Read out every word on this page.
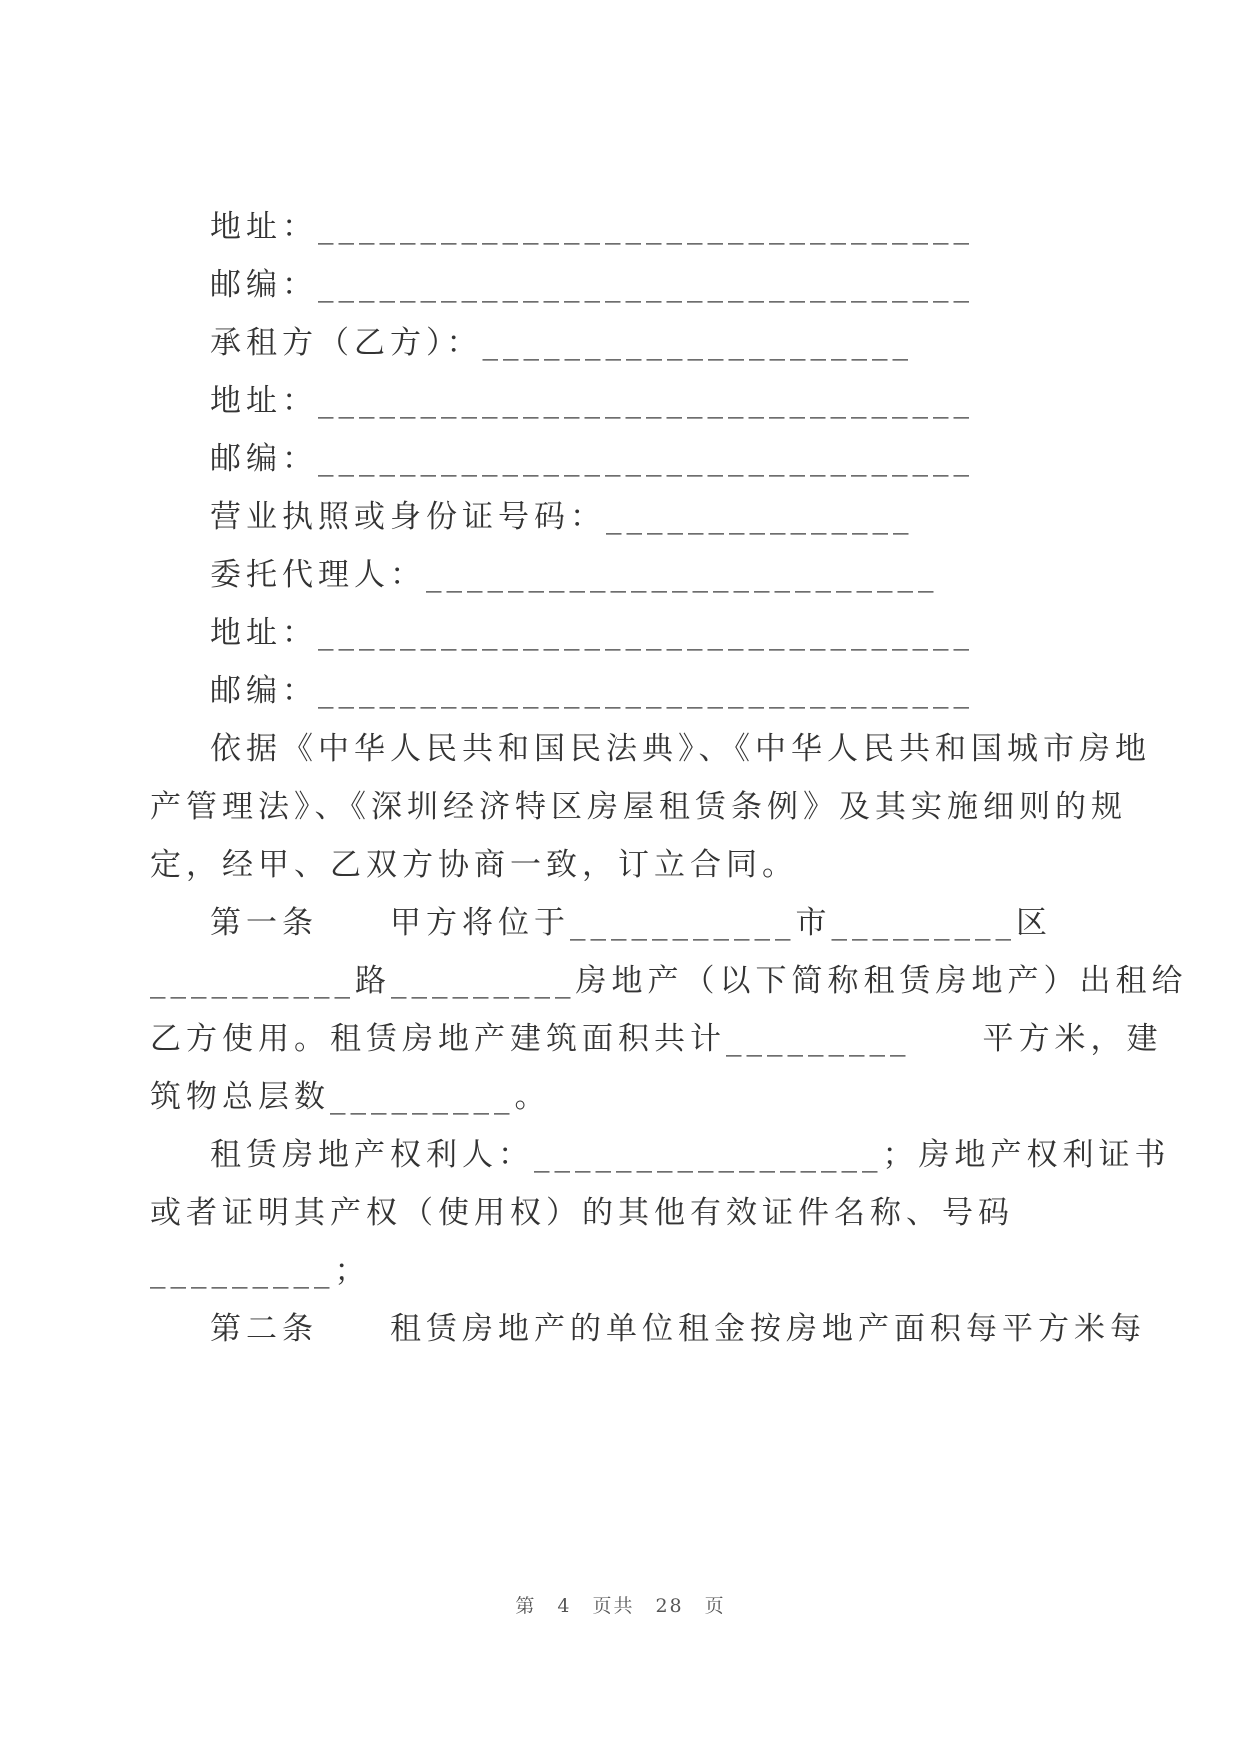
地址：________________________________
邮编：________________________________
承租方（乙方）：_____________________
地址：________________________________
邮编：________________________________
营业执照或身份证号码：_______________
委托代理人：_________________________
地址：________________________________
邮编：________________________________
依据《中华人民共和国民法典》、《中华人民共和国城市房地
产管理法》、《深圳经济特区房屋租赁条例》及其实施细则的规
定，经甲、乙双方协商一致，订立合同。
第一条　　甲方将位于___________市_________区
__________路_________房地产（以下简称租赁房地产）出租给
乙方使用。租赁房地产建筑面积共计_________　　平方米，建
筑物总层数_________。
租赁房地产权利人：_________________；房地产权利证书
或者证明其产权（使用权）的其他有效证件名称、号码
_________；
第二条　　租赁房地产的单位租金按房地产面积每平方米每
第　4　页共　28　页
